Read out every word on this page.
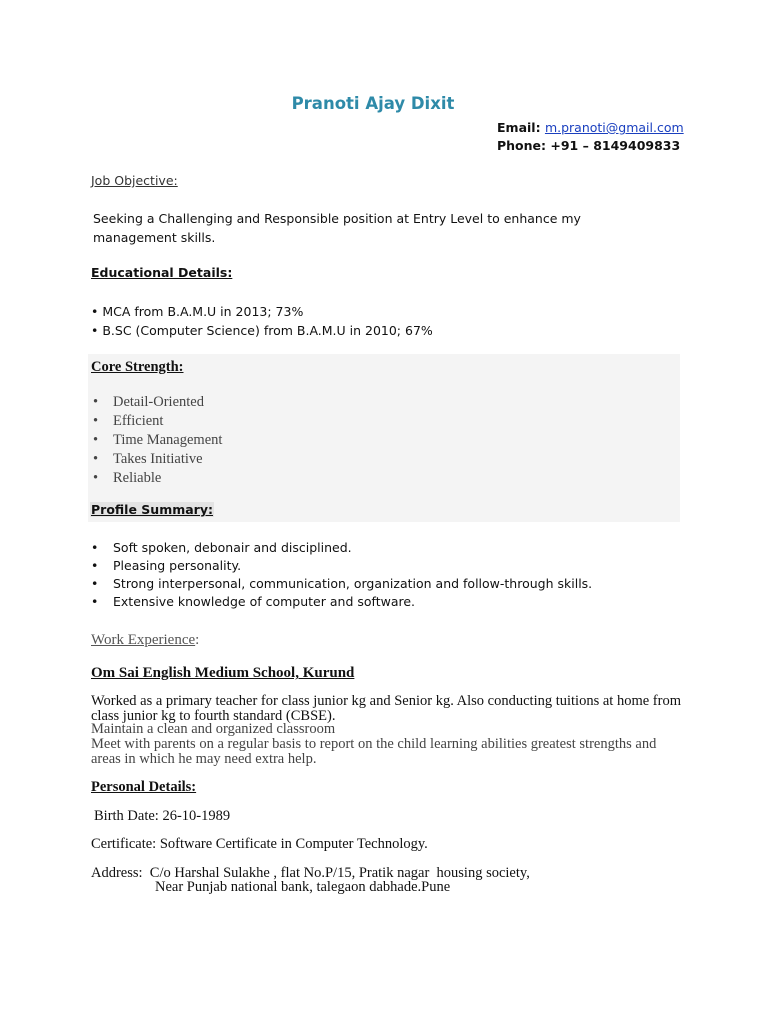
Pranoti Ajay Dixit
Email: m.pranoti@gmail.com
Phone: +91 – 8149409833
Job Objective:
Seeking a Challenging and Responsible position at Entry Level to enhance my management skills.
Educational Details:
• MCA from B.A.M.U in 2013; 73%
• B.SC (Computer Science) from B.A.M.U in 2010; 67%
Core Strength:
• Detail-Oriented
• Efficient
• Time Management
• Takes Initiative
• Reliable
Profile Summary:
• Soft spoken, debonair and disciplined.
• Pleasing personality.
• Strong interpersonal, communication, organization and follow-through skills.
• Extensive knowledge of computer and software.
Work Experience:
Om Sai English Medium School, Kurund
Worked as a primary teacher for class junior kg and Senior kg. Also conducting tuitions at home from class junior kg to fourth standard (CBSE).
Maintain a clean and organized classroom
Meet with parents on a regular basis to report on the child learning abilities greatest strengths and areas in which he may need extra help.
Personal Details:
Birth Date: 26-10-1989
Certificate: Software Certificate in Computer Technology.
Address:  C/o Harshal Sulakhe , flat No.P/15, Pratik nagar  housing society,
Near Punjab national bank, talegaon dabhade.Pune
